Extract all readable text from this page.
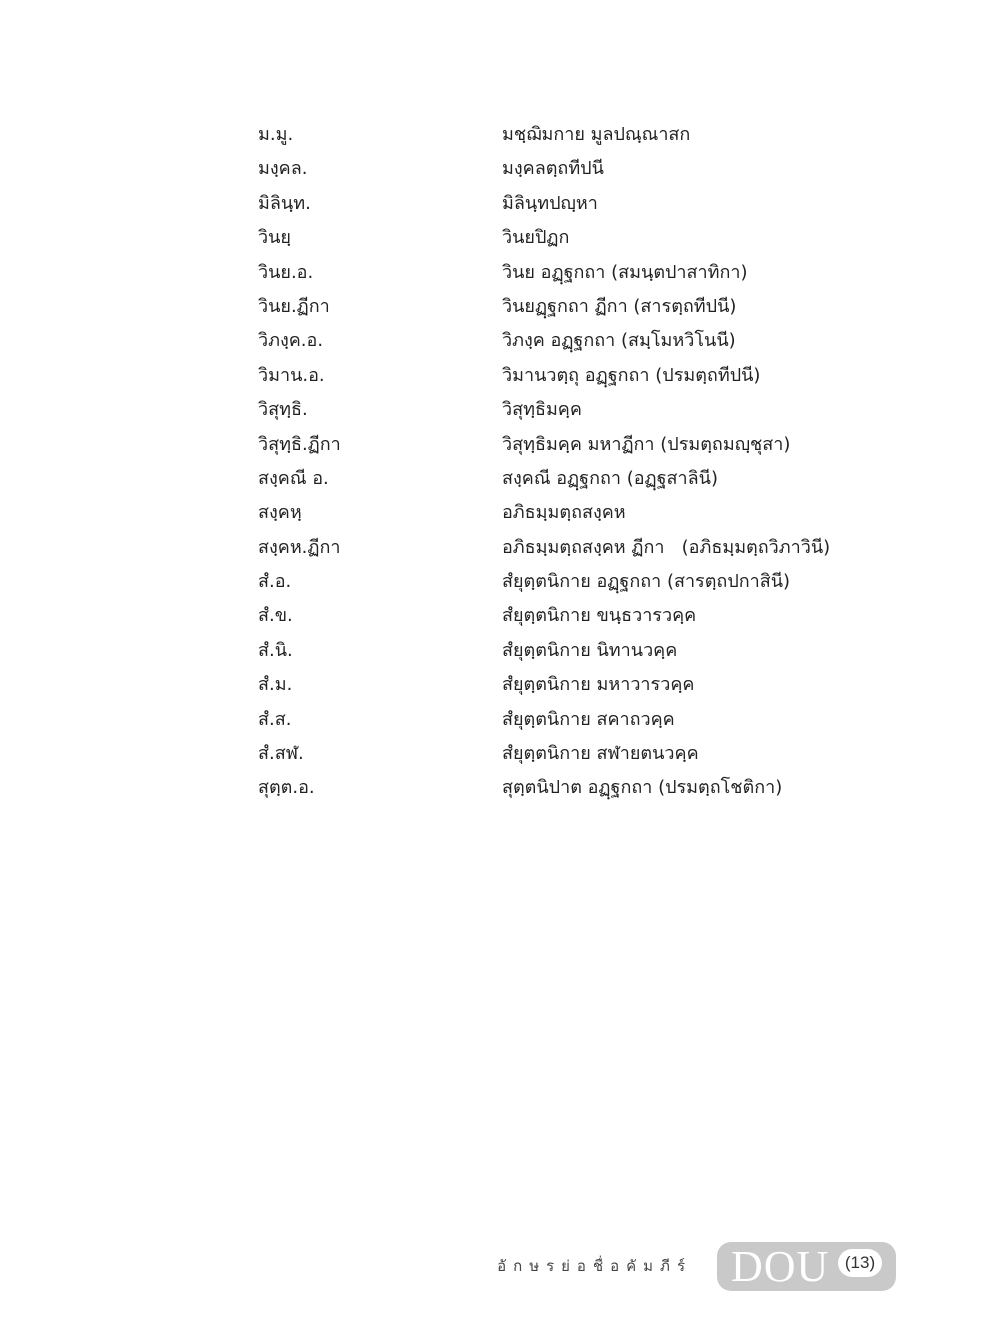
ม.มู.	มชฺฌิมกาย มูลปณฺณาสก
มงฺคล.	มงฺคลตฺถทีปนี
มิลินฺท.	มิลินฺทปญฺหา
วินยฺ	วินยปิฏก
วินย.อ.	วินย อฏฺฐกถา (สมนฺตปาสาทิกา)
วินย.ฏีกา	วินยฏฺฐกถา ฏีกา (สารตฺถทีปนี)
วิภงฺค.อ.	วิภงฺค อฏฺฐกถา (สมฺโมหวิโนนี)
วิมาน.อ.	วิมานวตฺถุ อฏฺฐกถา (ปรมตฺถทีปนี)
วิสุทฺธิ.	วิสุทฺธิมคฺค
วิสุทฺธิ.ฏีกา	วิสุทฺธิมคฺค มหาฏีกา (ปรมตฺถมญฺชุสา)
สงฺคณี อ.	สงฺคณี อฏฺฐกถา (อฏฺฐสาลินี)
สงฺคหฺ	อภิธมฺมตฺถสงฺคห
สงฺคห.ฏีกา	อภิธมฺมตฺถสงฺคห ฏีกา   (อภิธมฺมตฺถวิภาวินี)
สํ.อ.	สํยุตฺตนิกาย อฏฺฐกถา (สารตฺถปกาสินี)
สํ.ข.	สํยุตฺตนิกาย ขนฺธวารวคฺค
สํ.นิ.	สํยุตฺตนิกาย นิทานวคฺค
สํ.ม.	สํยุตฺตนิกาย มหาวารวคฺค
สํ.ส.	สํยุตฺตนิกาย สคาถวคฺค
สํ.สฬ.	สํยุตฺตนิกาย สฬายตนวคฺค
สุตฺต.อ.	สุตฺตนิปาต อฏฺฐกถา (ปรมตฺถโชติกา)
อักษรย่อชื่อคัมภีร์ DOU (13)
